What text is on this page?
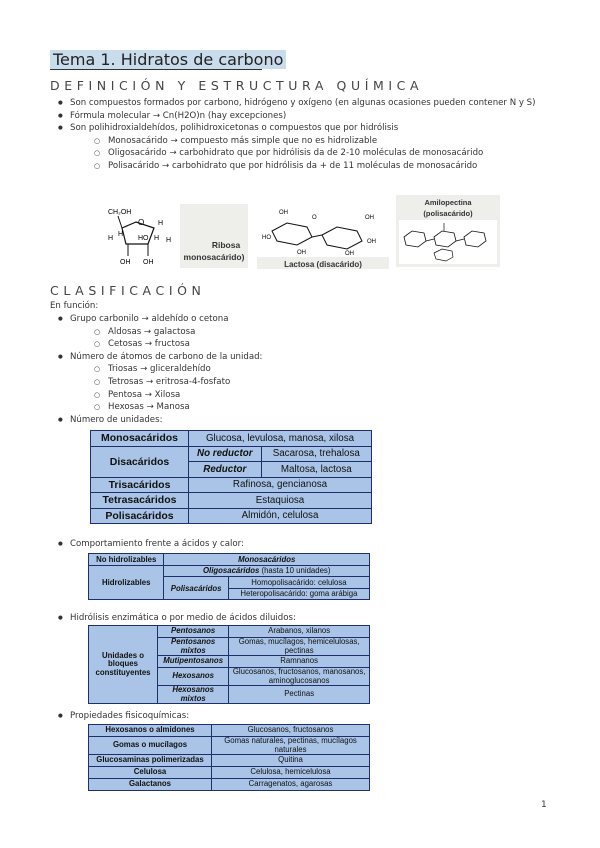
Tema 1. Hidratos de carbono
DEFINICIÓN Y ESTRUCTURA QUÍMICA
● Son compuestos formados por carbono, hidrógeno y oxígeno (en algunas ocasiones pueden contener N y S)
● Fórmula molecular → Cn(H2O)n (hay excepciones)
● Son polihidroxialdehídos, polihidroxicetonas o compuestos que por hidrólisis
○ Monosacárido → compuesto más simple que no es hidrolizable
○ Oligosacárido → carbohidrato que por hidrólisis da de 2-10 moléculas de monosacárido
○ Polisacárido → carbohidrato que por hidrólisis da + de 11 moléculas de monosacárido
CH₂OH
O H
H
H
HO H H
OH OH
Ribosa
monosacárido)
OH
HO
O	OH
OH
OH	OH
Lactosa (disacárido)
Amilopectina
(polisacárido)
CLASIFICACIÓN
En función:
● Grupo carbonilo → aldehído o cetona
○ Aldosas → galactosa
○ Cetosas → fructosa
● Número de átomos de carbono de la unidad:
○ Triosas → gliceraldehído
○ Tetrosas → eritrosa-4-fosfato
○ Pentosa → Xilosa
○ Hexosas → Manosa
● Número de unidades:
Monosacáridos	Glucosa, levulosa, manosa, xilosa	
Disacáridos	No reductor	Sacarosa, trehalosa
	Reductor	Maltosa, lactosa
Trisacáridos	Rafinosa, gencianosa	
Tetrasacáridos	Estaquiosa	
Polisacáridos	Almidón, celulosa	
● Comportamiento frente a ácidos y calor:
No hidrolizables	Monosacáridos	
Hidrolizables	Oligosacáridos (hasta 10 unidades)	
	Polisacáridos	Homopolisacárido: celulosa
		Heteropolisacárido: goma arábiga
● Hidrólisis enzimática o por medio de ácidos diluidos:
Unidades o bloques constituyentes	Pentosanos	Arabanos, xilanos
	Pentosanos mixtos	Gomas, mucílagos, hemicelulosas, pectinas

	Mutipentosanos	Ramnanos
	Hexosanos	Glucosanos, fructosanos, manosanos, aminoglucosanos
	Hexosanos mixtos	Pectinas
● Propiedades fisicoquímicas:
Hexosanos o almidones	Glucosanos, fructosanos
Gomas o mucílagos	Gomas naturales, pectinas, mucílagos naturales
Glucosaminas polimerizadas	Quitina
Celulosa	Celulosa, hemicelulosa
Galactanos	Carragenatos, agarosas
1
